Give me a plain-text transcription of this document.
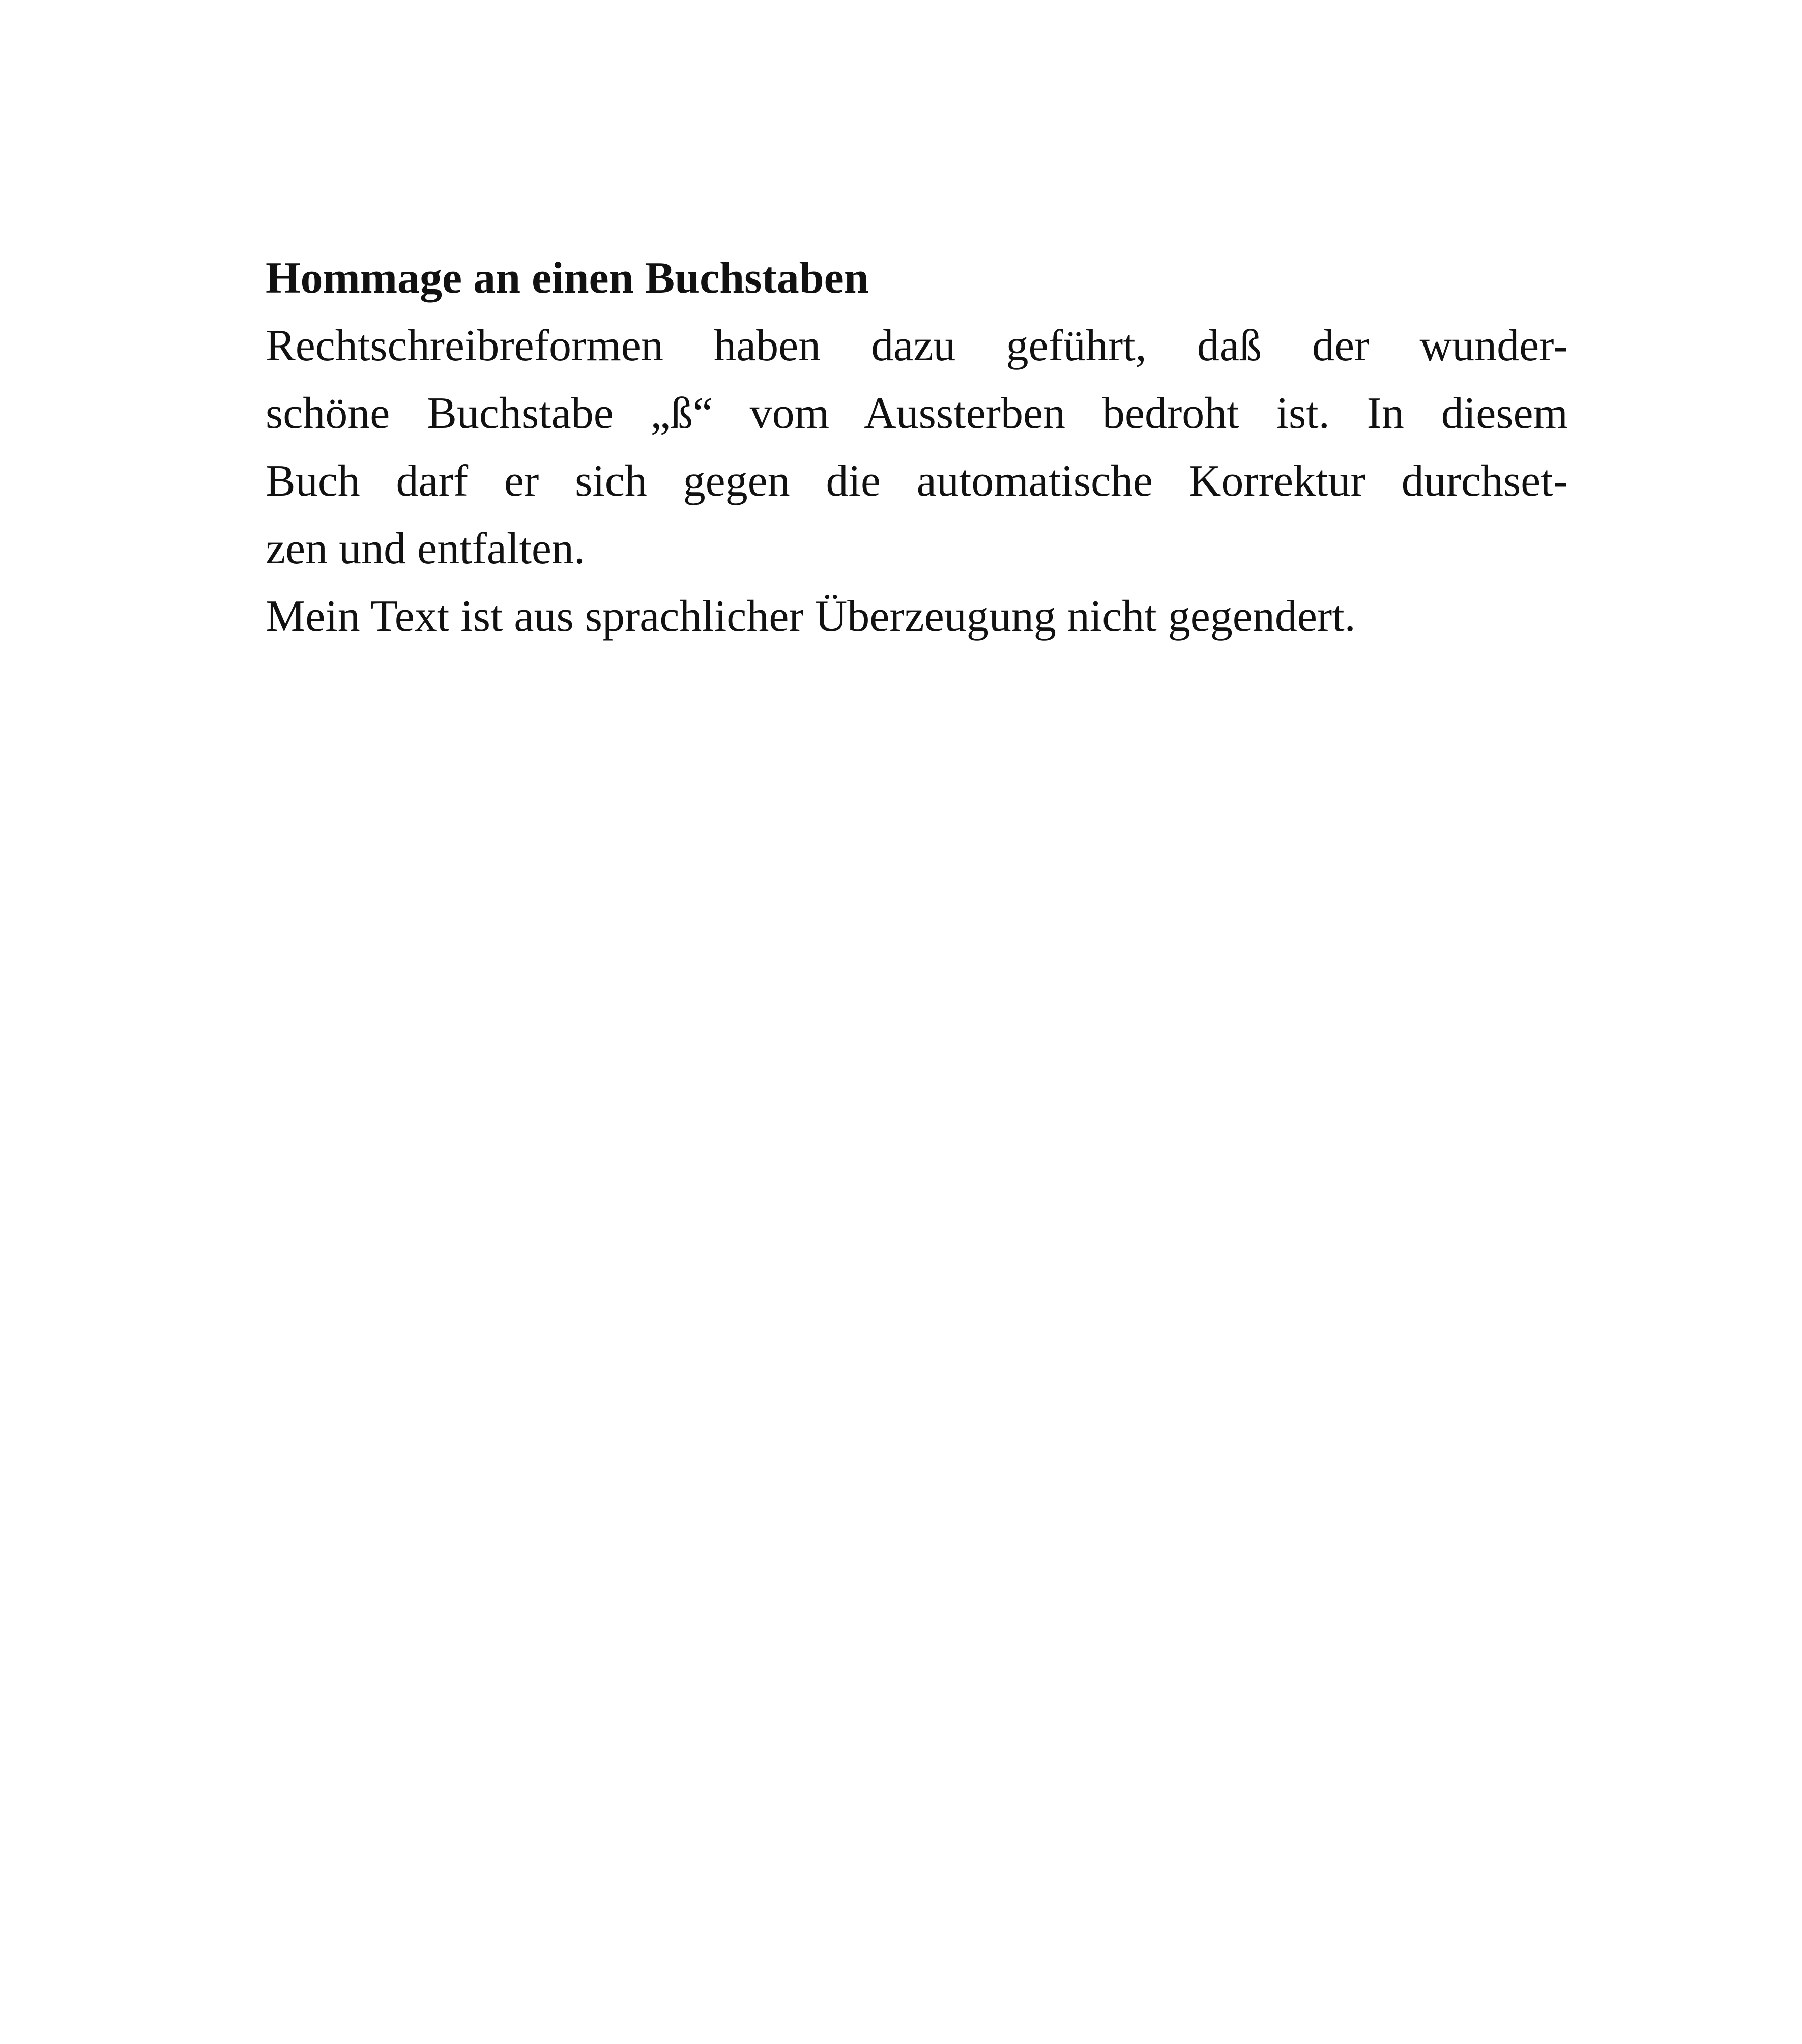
Hommage an einen Buchstaben

Rechtschreibreformen haben dazu geführt, daß der wunder-
schöne Buchstabe „ß“ vom Aussterben bedroht ist. In diesem
Buch darf er sich gegen die automatische Korrektur durchset-
zen und entfalten.

Mein Text ist aus sprachlicher Überzeugung nicht gegendert.
